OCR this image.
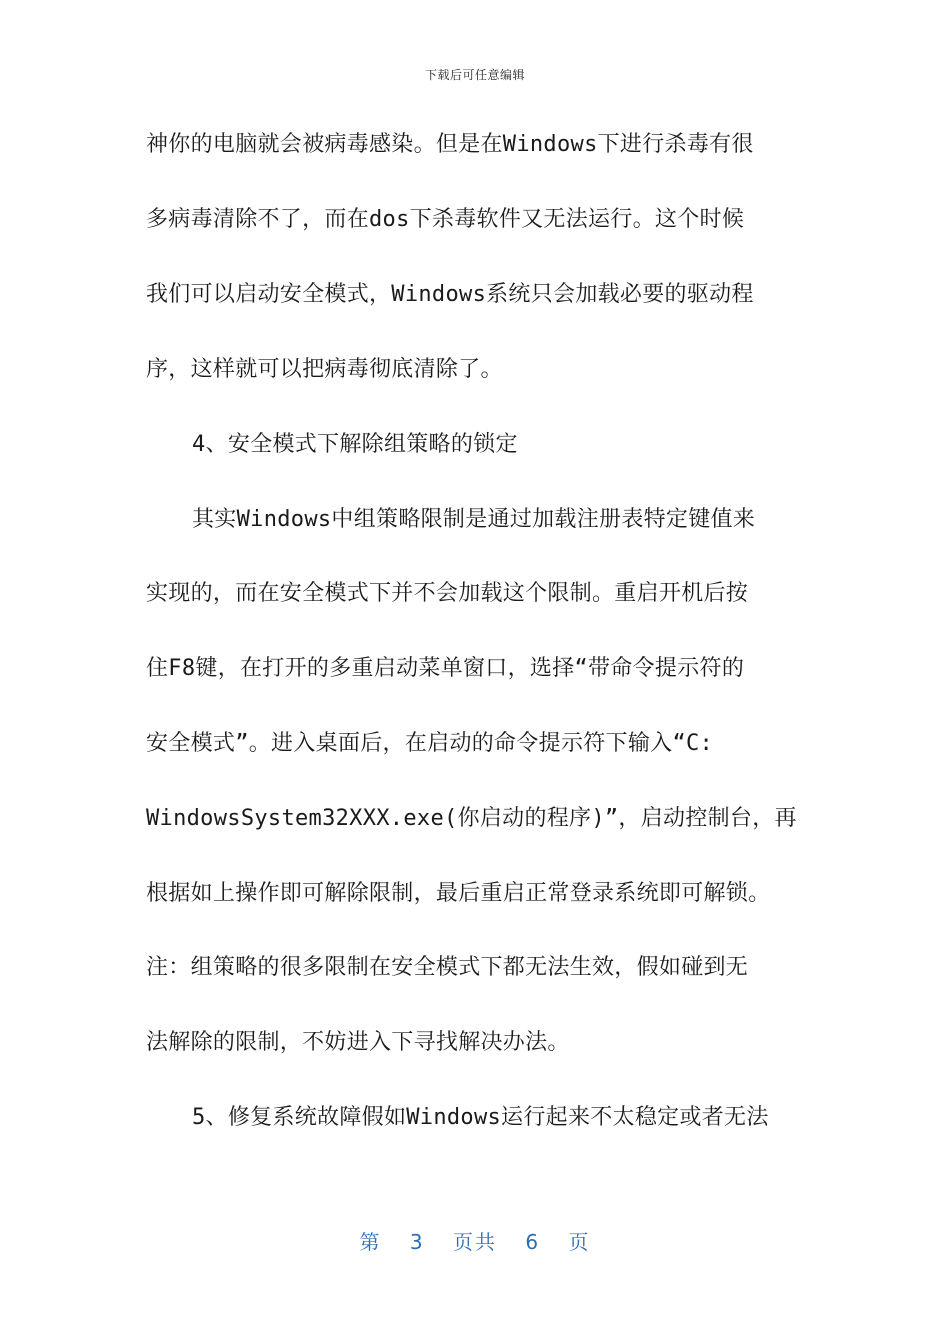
下载后可任意编辑
神你的电脑就会被病毒感染。但是在Windows下进行杀毒有很
多病毒清除不了，而在dos下杀毒软件又无法运行。这个时候
我们可以启动安全模式，Windows系统只会加载必要的驱动程
序，这样就可以把病毒彻底清除了。
4、安全模式下解除组策略的锁定
其实Windows中组策略限制是通过加载注册表特定键值来
实现的，而在安全模式下并不会加载这个限制。重启开机后按
住F8键，在打开的多重启动菜单窗口，选择“带命令提示符的
安全模式”。进入桌面后，在启动的命令提示符下输入“C:
WindowsSystem32XXX.exe(你启动的程序)”，启动控制台，再
根据如上操作即可解除限制，最后重启正常登录系统即可解锁。
注：组策略的很多限制在安全模式下都无法生效，假如碰到无
法解除的限制，不妨进入下寻找解决办法。
5、修复系统故障假如Windows运行起来不太稳定或者无法
第 3 页共 6 页
